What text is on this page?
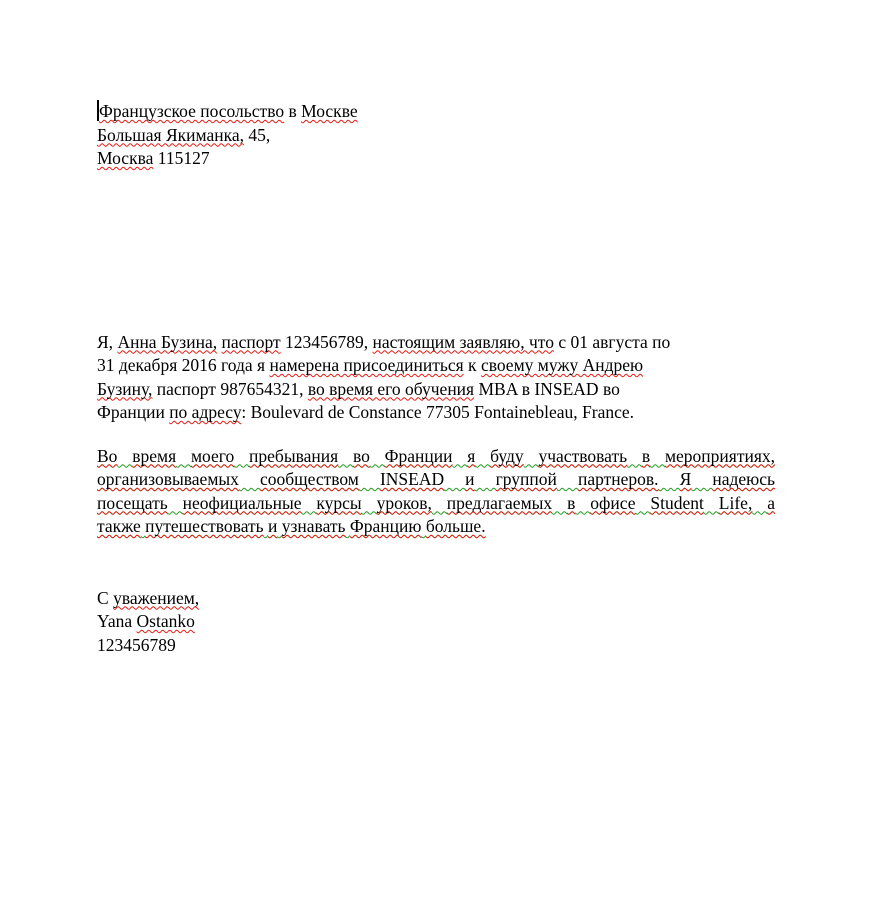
Французское посольство в Москве
Большая Якиманка, 45,
Москва 115127
Я, Анна Бузина, паспорт 123456789, настоящим заявляю, что с 01 августа по
31 декабря 2016 года я намерена присоединиться к своему мужу Андрею
Бузину, паспорт 987654321, во время его обучения MBA в INSEAD во
Франции по адресу: Boulevard de Constance 77305 Fontainebleau, France.
Во время моего пребывания во Франции я буду участвовать в мероприятиях,
организовываемых сообществом INSEAD и группой партнеров. Я надеюсь
посещать неофициальные курсы уроков, предлагаемых в офисе Student Life, а
также путешествовать и узнавать Францию больше.
С уважением,
Yana Ostanko
123456789
